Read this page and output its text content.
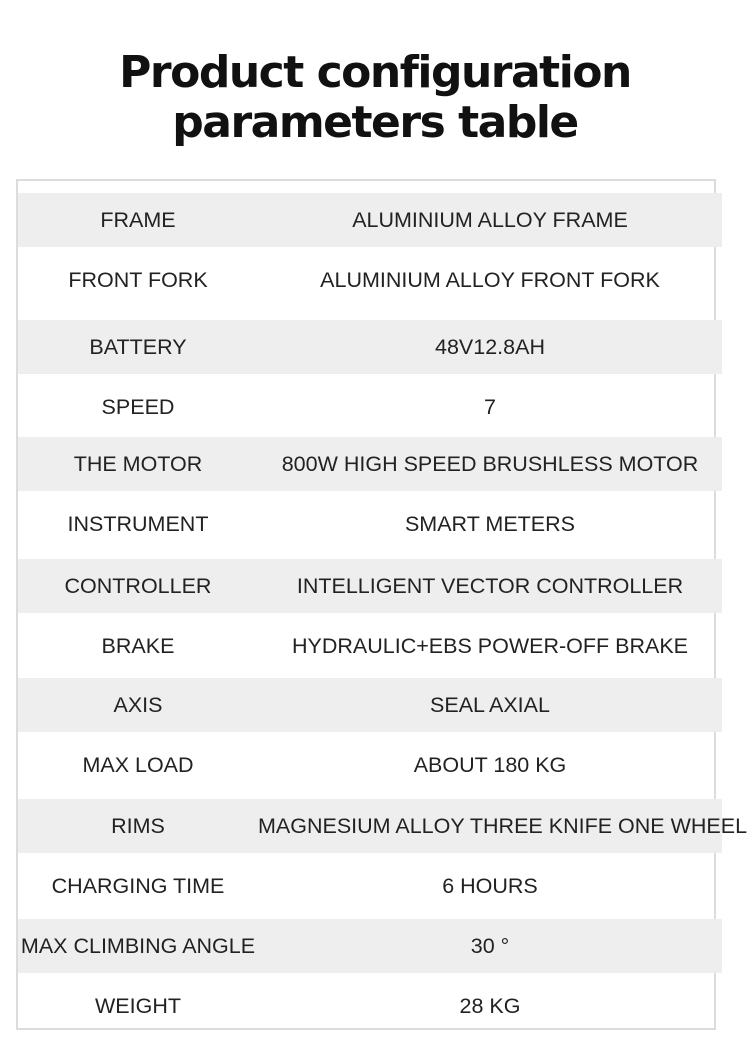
Product configuration
parameters table
FRAME	ALUMINIUM ALLOY FRAME
FRONT FORK	ALUMINIUM ALLOY FRONT FORK
BATTERY	48V12.8AH
SPEED	7
THE MOTOR	800W HIGH SPEED BRUSHLESS MOTOR
INSTRUMENT	SMART METERS
CONTROLLER	INTELLIGENT VECTOR CONTROLLER
BRAKE	HYDRAULIC+EBS POWER-OFF BRAKE
AXIS	SEAL AXIAL
MAX LOAD	ABOUT 180 KG
RIMS	MAGNESIUM ALLOY THREE KNIFE ONE WHEEL
CHARGING TIME	6 HOURS
MAX CLIMBING ANGLE	30 °
WEIGHT	28 KG
